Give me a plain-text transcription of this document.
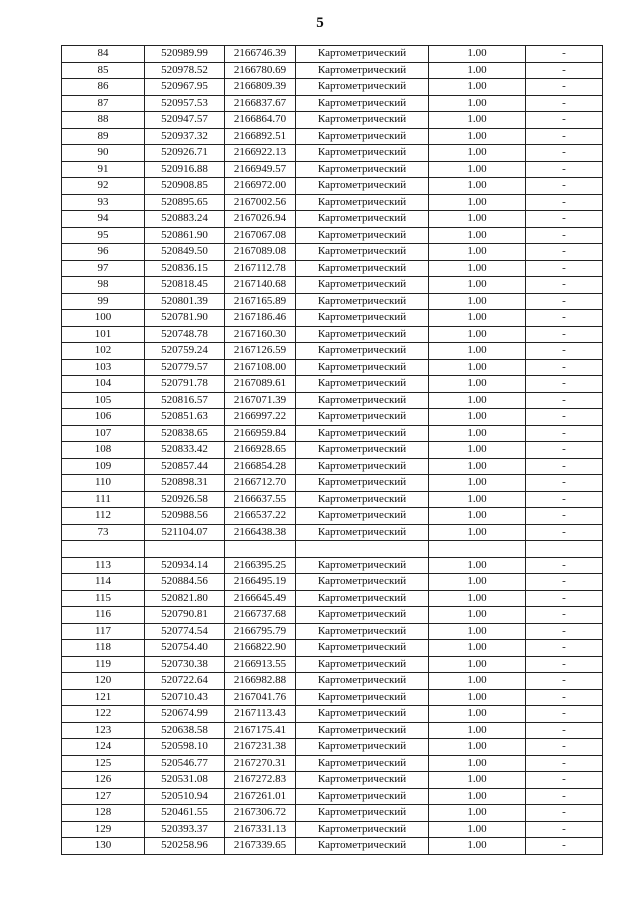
5
84	520989.99	2166746.39	Картометрический	1.00	-
85	520978.52	2166780.69	Картометрический	1.00	-
86	520967.95	2166809.39	Картометрический	1.00	-
87	520957.53	2166837.67	Картометрический	1.00	-
88	520947.57	2166864.70	Картометрический	1.00	-
89	520937.32	2166892.51	Картометрический	1.00	-
90	520926.71	2166922.13	Картометрический	1.00	-
91	520916.88	2166949.57	Картометрический	1.00	-
92	520908.85	2166972.00	Картометрический	1.00	-
93	520895.65	2167002.56	Картометрический	1.00	-
94	520883.24	2167026.94	Картометрический	1.00	-
95	520861.90	2167067.08	Картометрический	1.00	-
96	520849.50	2167089.08	Картометрический	1.00	-
97	520836.15	2167112.78	Картометрический	1.00	-
98	520818.45	2167140.68	Картометрический	1.00	-
99	520801.39	2167165.89	Картометрический	1.00	-
100	520781.90	2167186.46	Картометрический	1.00	-
101	520748.78	2167160.30	Картометрический	1.00	-
102	520759.24	2167126.59	Картометрический	1.00	-
103	520779.57	2167108.00	Картометрический	1.00	-
104	520791.78	2167089.61	Картометрический	1.00	-
105	520816.57	2167071.39	Картометрический	1.00	-
106	520851.63	2166997.22	Картометрический	1.00	-
107	520838.65	2166959.84	Картометрический	1.00	-
108	520833.42	2166928.65	Картометрический	1.00	-
109	520857.44	2166854.28	Картометрический	1.00	-
110	520898.31	2166712.70	Картометрический	1.00	-
111	520926.58	2166637.55	Картометрический	1.00	-
112	520988.56	2166537.22	Картометрический	1.00	-
73	521104.07	2166438.38	Картометрический	1.00	-

113	520934.14	2166395.25	Картометрический	1.00	-
114	520884.56	2166495.19	Картометрический	1.00	-
115	520821.80	2166645.49	Картометрический	1.00	-
116	520790.81	2166737.68	Картометрический	1.00	-
117	520774.54	2166795.79	Картометрический	1.00	-
118	520754.40	2166822.90	Картометрический	1.00	-
119	520730.38	2166913.55	Картометрический	1.00	-
120	520722.64	2166982.88	Картометрический	1.00	-
121	520710.43	2167041.76	Картометрический	1.00	-
122	520674.99	2167113.43	Картометрический	1.00	-
123	520638.58	2167175.41	Картометрический	1.00	-
124	520598.10	2167231.38	Картометрический	1.00	-
125	520546.77	2167270.31	Картометрический	1.00	-
126	520531.08	2167272.83	Картометрический	1.00	-
127	520510.94	2167261.01	Картометрический	1.00	-
128	520461.55	2167306.72	Картометрический	1.00	-
129	520393.37	2167331.13	Картометрический	1.00	-
130	520258.96	2167339.65	Картометрический	1.00	-
